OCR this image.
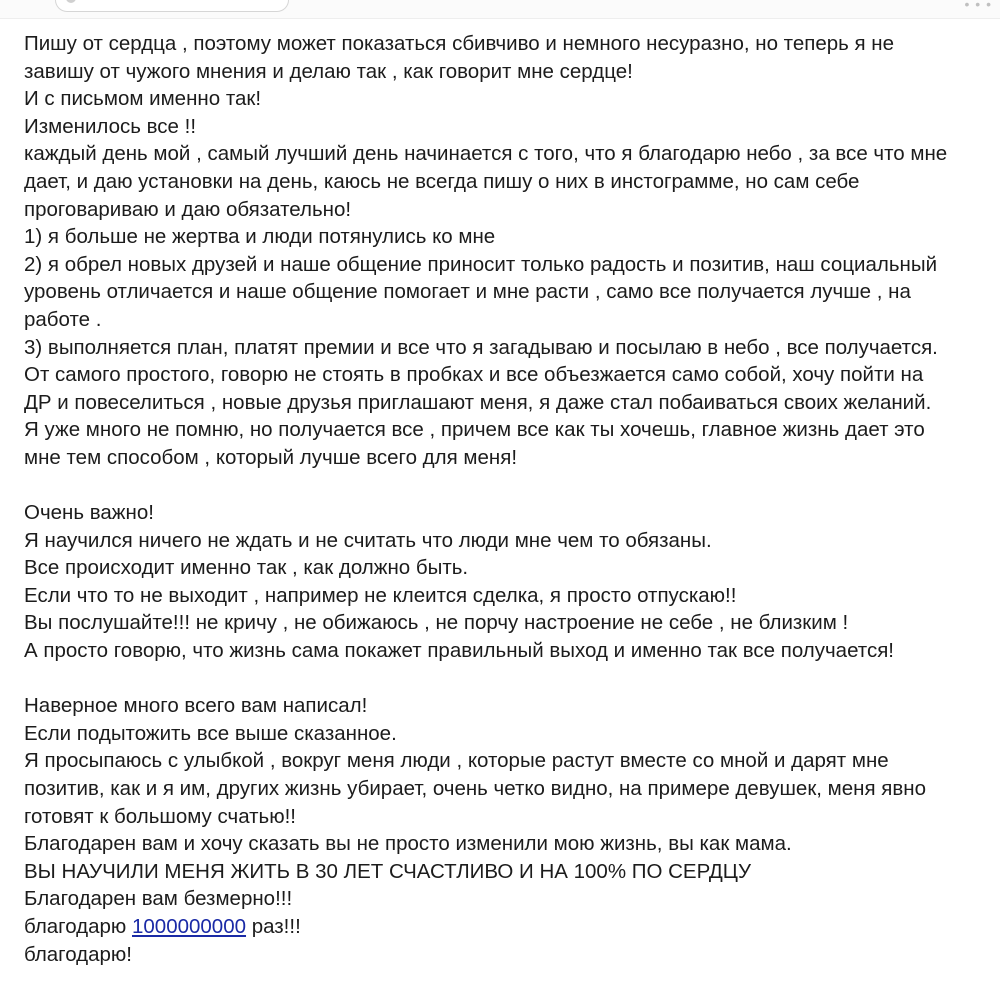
• • •
Пишу от сердца , поэтому может показаться сбивчиво и немного несуразно, но теперь я не
завишу от чужого мнения и делаю так , как говорит мне сердце!
И с письмом именно так!
Изменилось все !!
каждый день мой , самый лучший день начинается с того, что я благодарю небо , за все что мне
дает, и даю установки на день, каюсь не всегда пишу о них в инстограмме, но сам себе
проговариваю и даю обязательно!
1) я больше не жертва и люди потянулись ко мне
2) я обрел новых друзей и наше общение приносит только радость и позитив, наш социальный
уровень отличается и наше общение помогает и мне расти , само все получается лучше , на
работе .
3) выполняется план, платят премии и все что я загадываю и посылаю в небо , все получается.
От самого простого, говорю не стоять в пробках и все объезжается само собой, хочу пойти на
ДР и повеселиться , новые друзья приглашают меня, я даже стал побаиваться своих желаний.
Я уже много не помню, но получается все , причем все как ты хочешь, главное жизнь дает это
мне тем способом , который лучше всего для меня!
Очень важно!
Я научился ничего не ждать и не считать что люди мне чем то обязаны.
Все происходит именно так , как должно быть.
Если что то не выходит , например не клеится сделка, я просто отпускаю!!
Вы послушайте!!! не кричу , не обижаюсь , не порчу настроение не себе , не близким !
А просто говорю, что жизнь сама покажет правильный выход и именно так все получается!
Наверное много всего вам написал!
Если подытожить все выше сказанное.
Я просыпаюсь с улыбкой , вокруг меня люди , которые растут вместе со мной и дарят мне
позитив, как и я им, других жизнь убирает, очень четко видно, на примере девушек, меня явно
готовят к большому счатью!!
Благодарен вам и хочу сказать вы не просто изменили мою жизнь, вы как мама.
ВЫ НАУЧИЛИ МЕНЯ ЖИТЬ В 30 ЛЕТ СЧАСТЛИВО И НА 100% ПО СЕРДЦУ
Благодарен вам безмерно!!!
благодарю 1000000000 раз!!!
благодарю!
